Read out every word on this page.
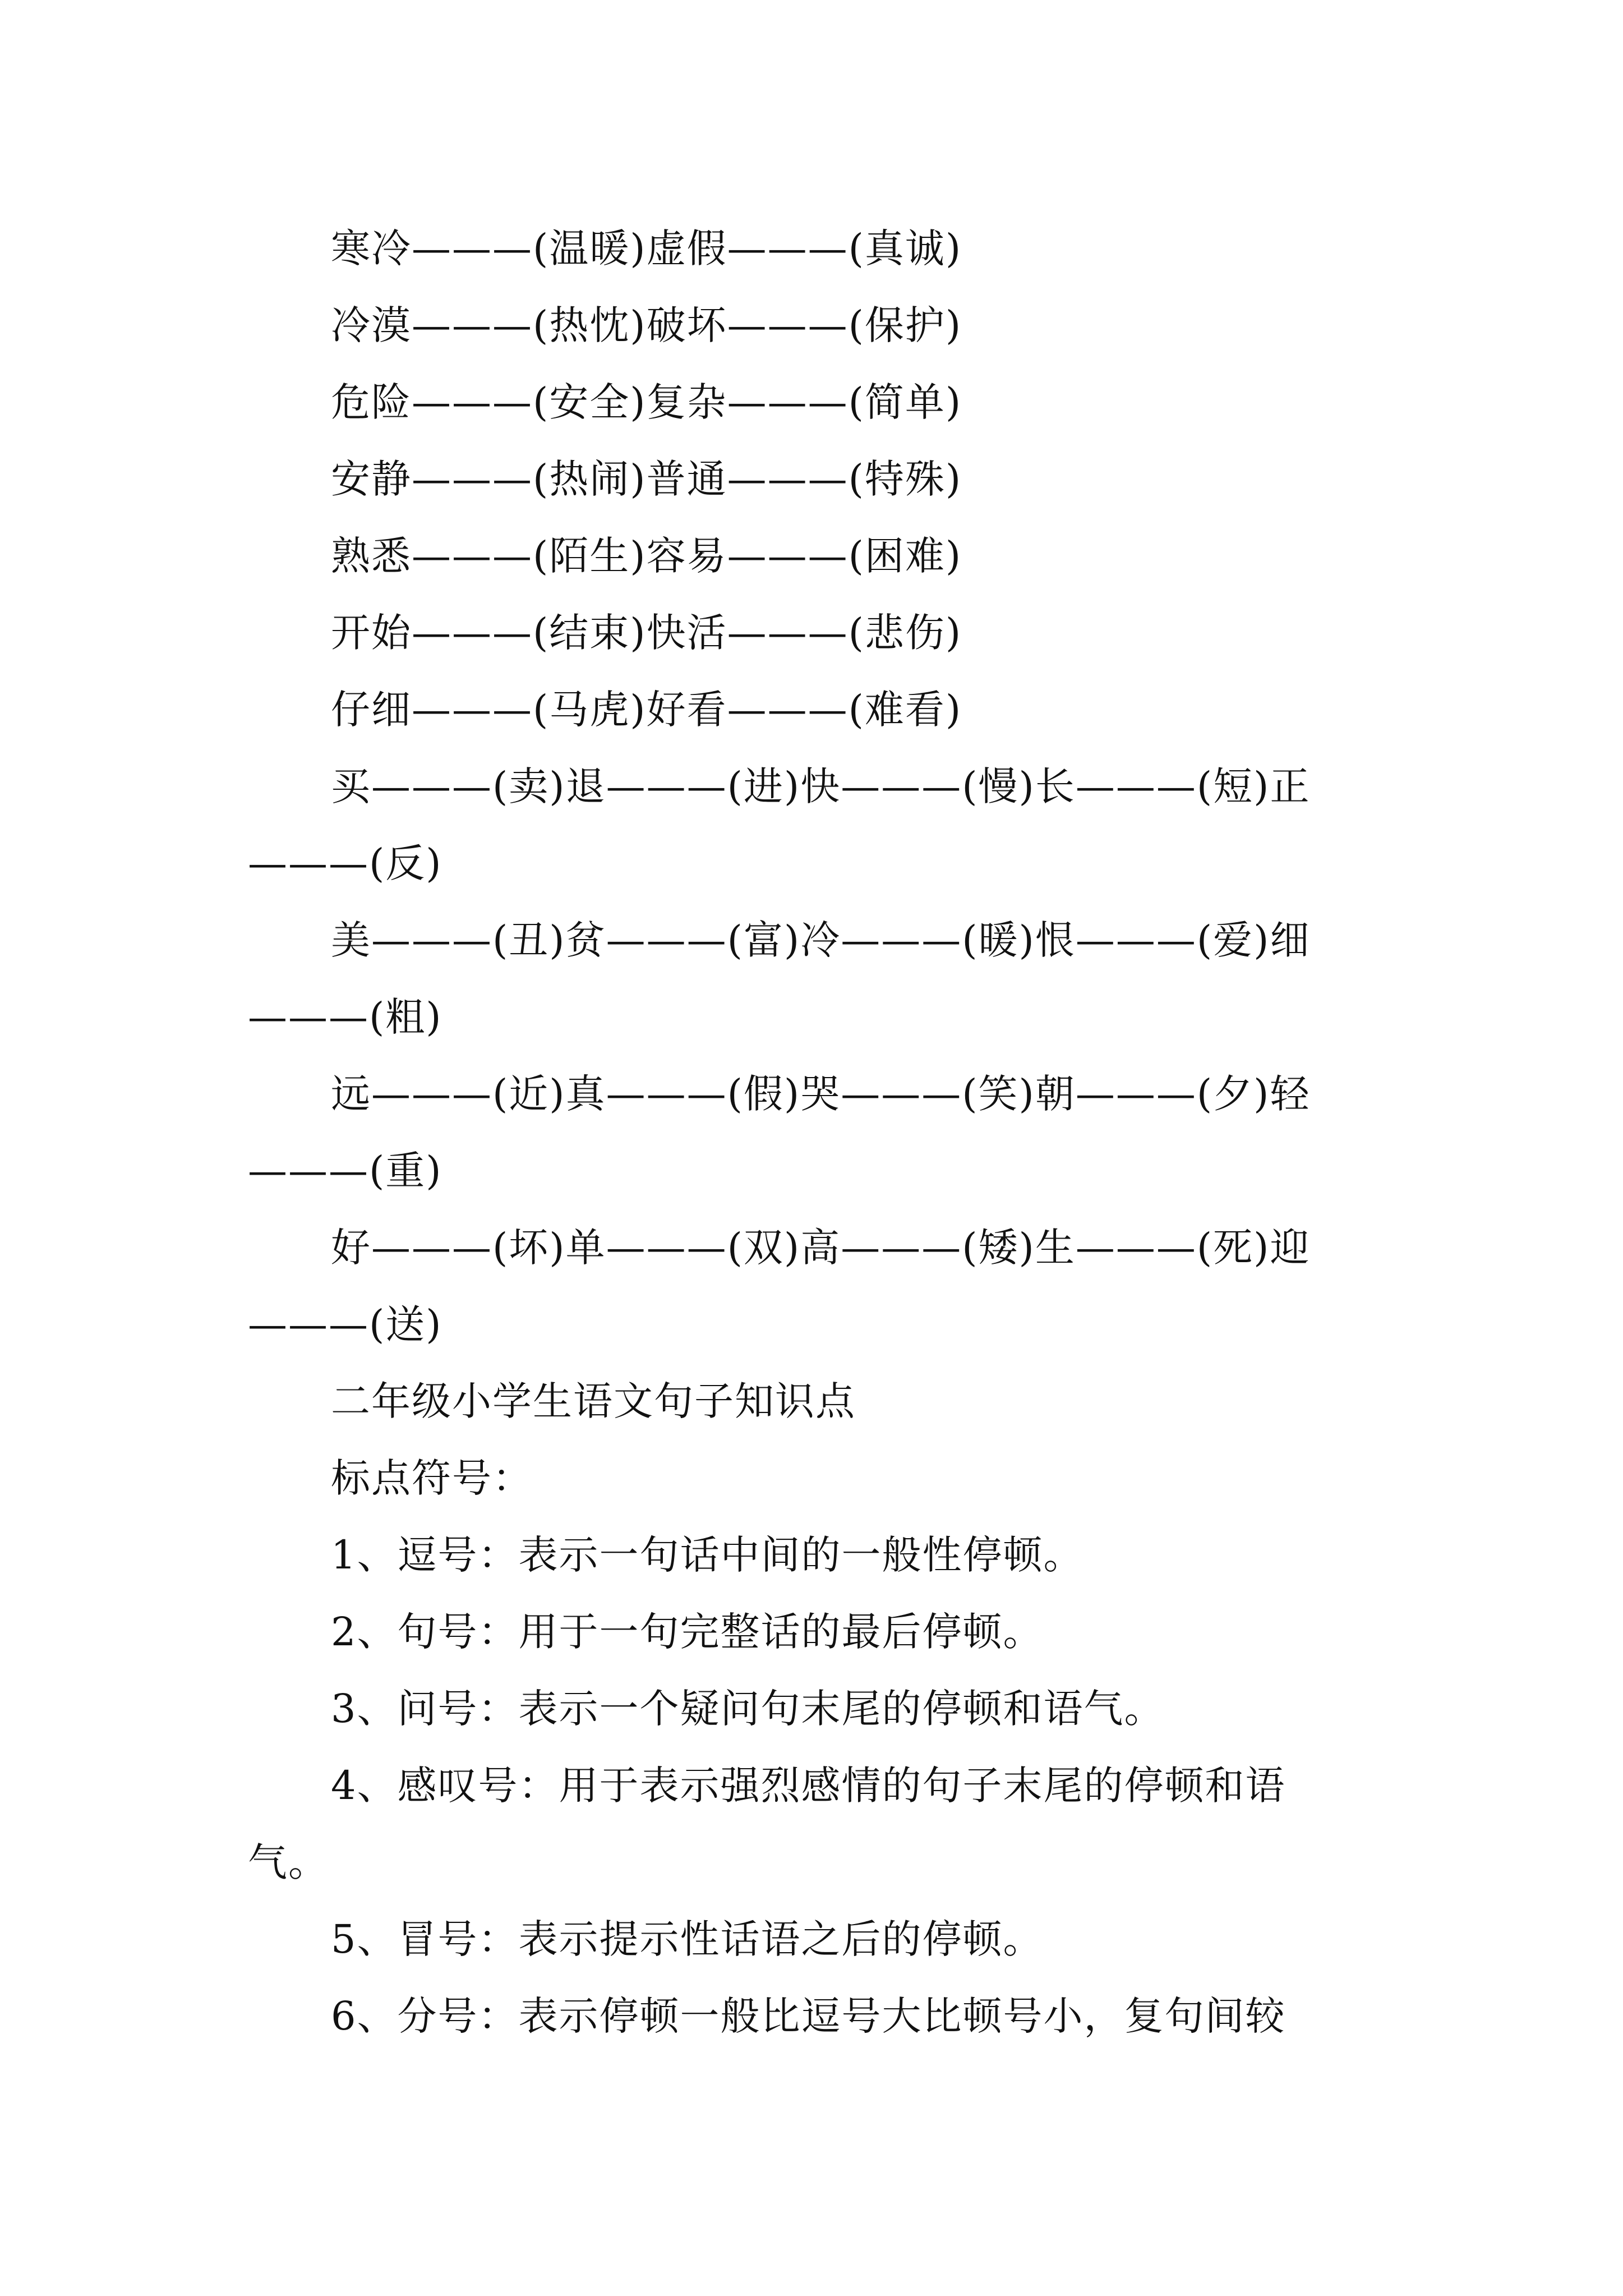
寒冷———(温暖)虚假———(真诚)
冷漠———(热忱)破坏———(保护)
危险———(安全)复杂———(简单)
安静———(热闹)普通———(特殊)
熟悉———(陌生)容易———(困难)
开始———(结束)快活———(悲伤)
仔细———(马虎)好看———(难看)
买———(卖)退———(进)快———(慢)长———(短)正
———(反)
美———(丑)贫———(富)冷———(暖)恨———(爱)细
———(粗)
远———(近)真———(假)哭———(笑)朝———(夕)轻
———(重)
好———(坏)单———(双)高———(矮)生———(死)迎
———(送)
二年级小学生语文句子知识点
标点符号：
1、逗号：表示一句话中间的一般性停顿。
2、句号：用于一句完整话的最后停顿。
3、问号：表示一个疑问句末尾的停顿和语气。
4、感叹号：用于表示强烈感情的句子末尾的停顿和语
气。
5、冒号：表示提示性话语之后的停顿。
6、分号：表示停顿一般比逗号大比顿号小，复句间较
